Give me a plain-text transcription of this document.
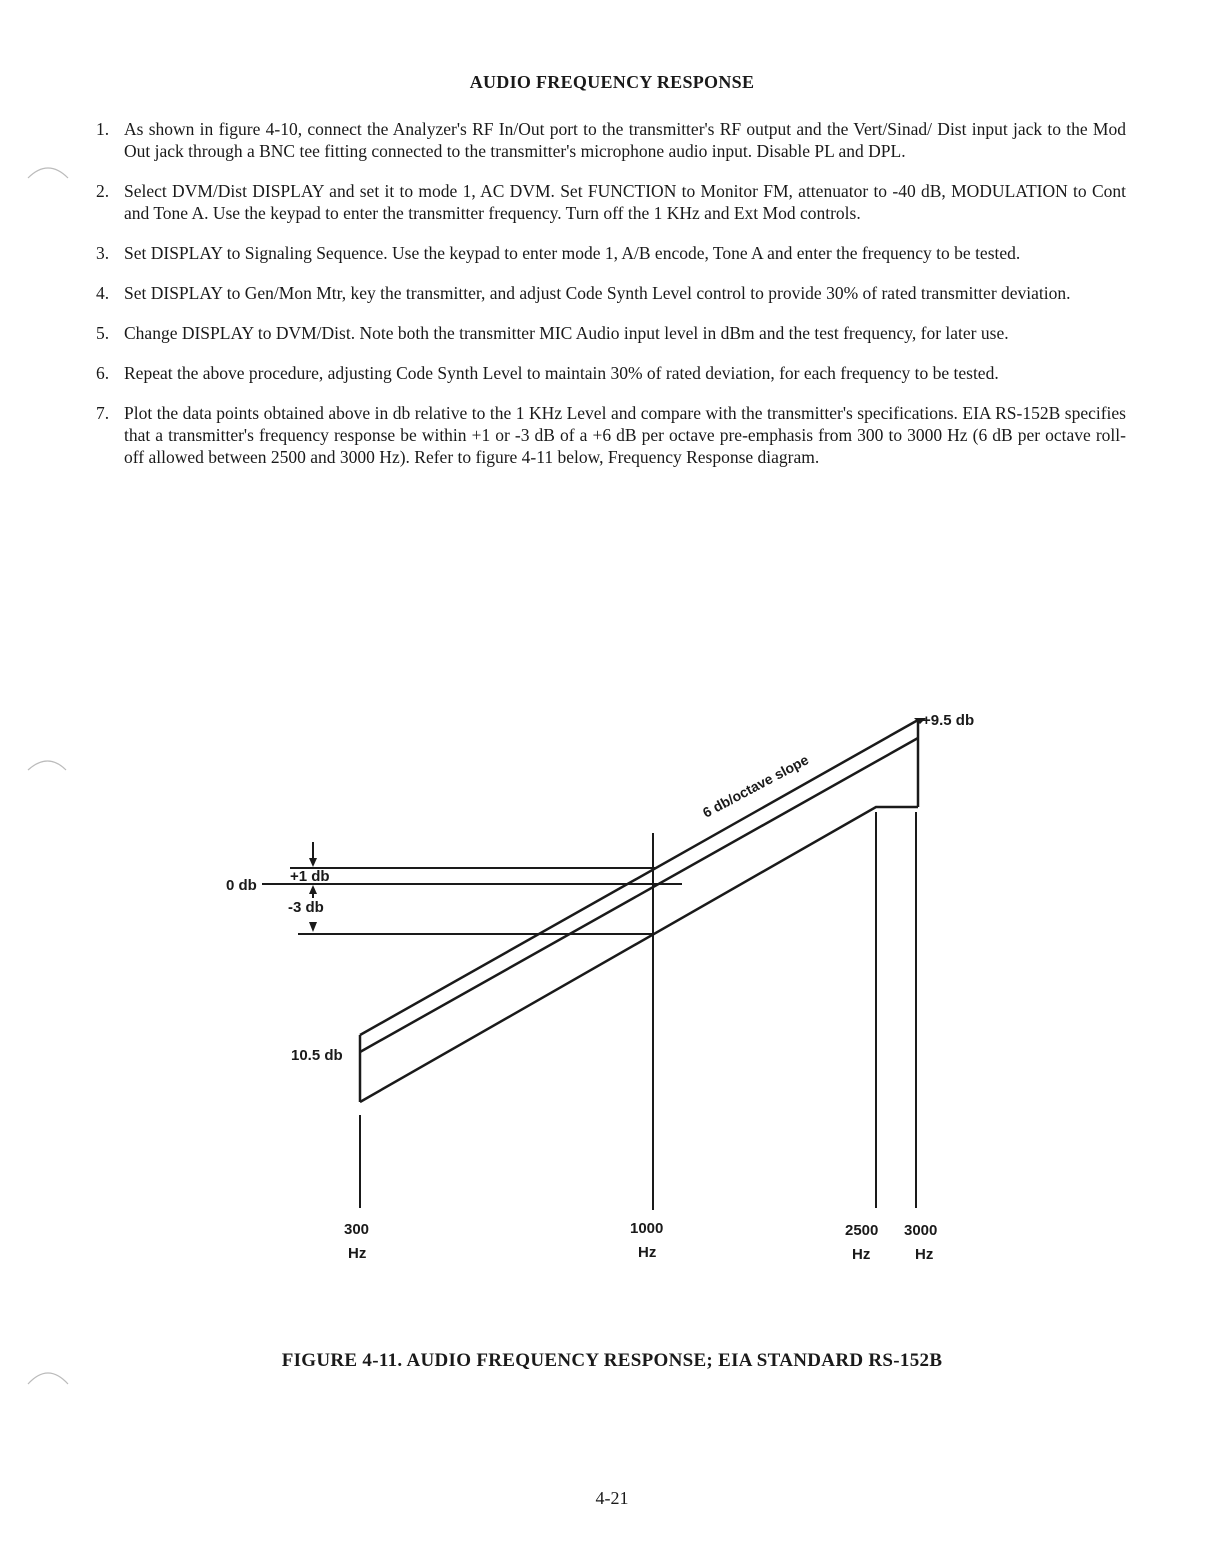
AUDIO FREQUENCY RESPONSE
1. As shown in figure 4-10, connect the Analyzer's RF In/Out port to the transmitter's RF output and the Vert/Sinad/ Dist input jack to the Mod Out jack through a BNC tee fitting connected to the transmitter's microphone audio input. Disable PL and DPL.
2. Select DVM/Dist DISPLAY and set it to mode 1, AC DVM. Set FUNCTION to Monitor FM, attenuator to -40 dB, MODULATION to Cont and Tone A. Use the keypad to enter the transmitter frequency. Turn off the 1 KHz and Ext Mod controls.
3. Set DISPLAY to Signaling Sequence. Use the keypad to enter mode 1, A/B encode, Tone A and enter the frequency to be tested.
4. Set DISPLAY to Gen/Mon Mtr, key the transmitter, and adjust Code Synth Level control to provide 30% of rated transmitter deviation.
5. Change DISPLAY to DVM/Dist. Note both the transmitter MIC Audio input level in dBm and the test frequency, for later use.
6. Repeat the above procedure, adjusting Code Synth Level to maintain 30% of rated deviation, for each frequency to be tested.
7. Plot the data points obtained above in db relative to the 1 KHz Level and compare with the transmitter's specifications. EIA RS-152B specifies that a transmitter's frequency response be within +1 or -3 dB of a +6 dB per octave pre-emphasis from 300 to 3000 Hz (6 dB per octave roll-off allowed between 2500 and 3000 Hz). Refer to figure 4-11 below, Frequency Response diagram.
0 db
+1 db
-3 db
10.5 db
+9.5 db
6 db/octave slope
300
Hz
1000
Hz
2500
Hz
3000
Hz
FIGURE 4-11. AUDIO FREQUENCY RESPONSE; EIA STANDARD RS-152B
4-21
